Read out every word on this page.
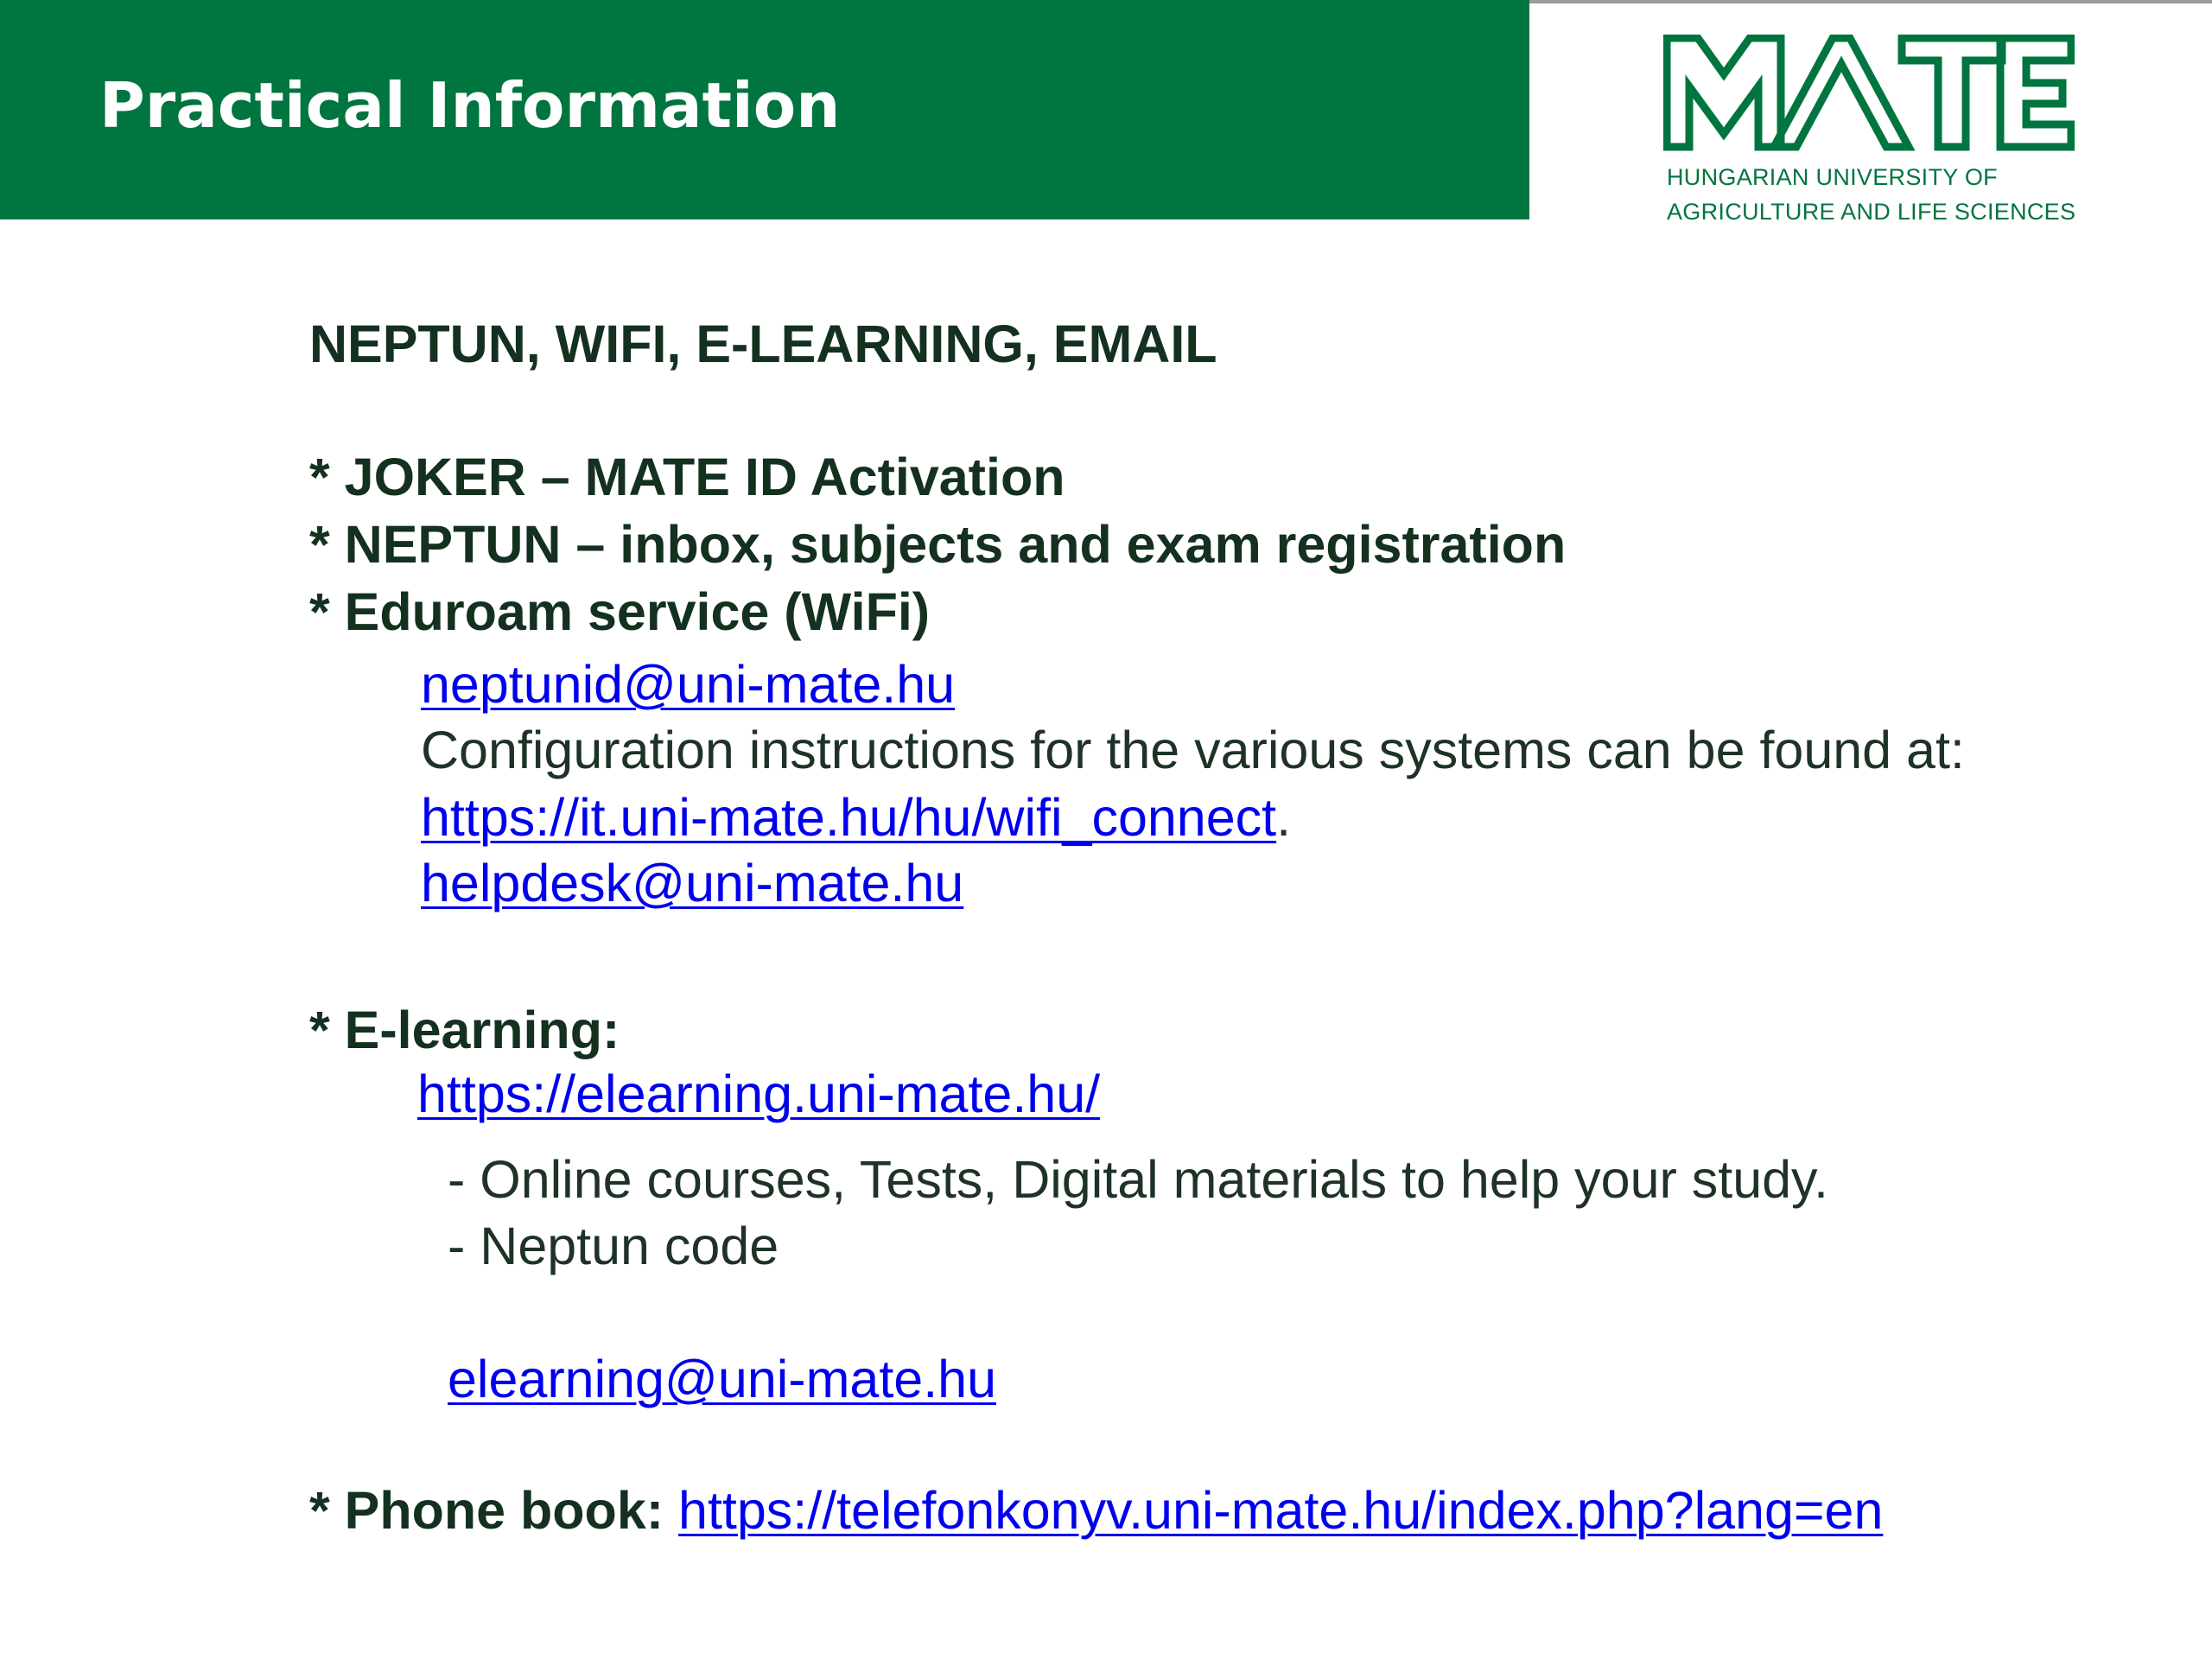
Practical Information
MATE
HUNGARIAN UNIVERSITY OF
AGRICULTURE AND LIFE SCIENCES
NEPTUN, WIFI, E-LEARNING, EMAIL
* JOKER – MATE ID Activation
* NEPTUN – inbox, subjects and exam registration
* Eduroam service (WiFi)
neptunid@uni-mate.hu
Configuration instructions for the various systems can be found at:
https://it.uni-mate.hu/hu/wifi_connect.
helpdesk@uni-mate.hu
* E-learning:
https://elearning.uni-mate.hu/
- Online courses, Tests, Digital materials to help your study.
- Neptun code
elearning@uni-mate.hu
* Phone book: https://telefonkonyv.uni-mate.hu/index.php?lang=en
